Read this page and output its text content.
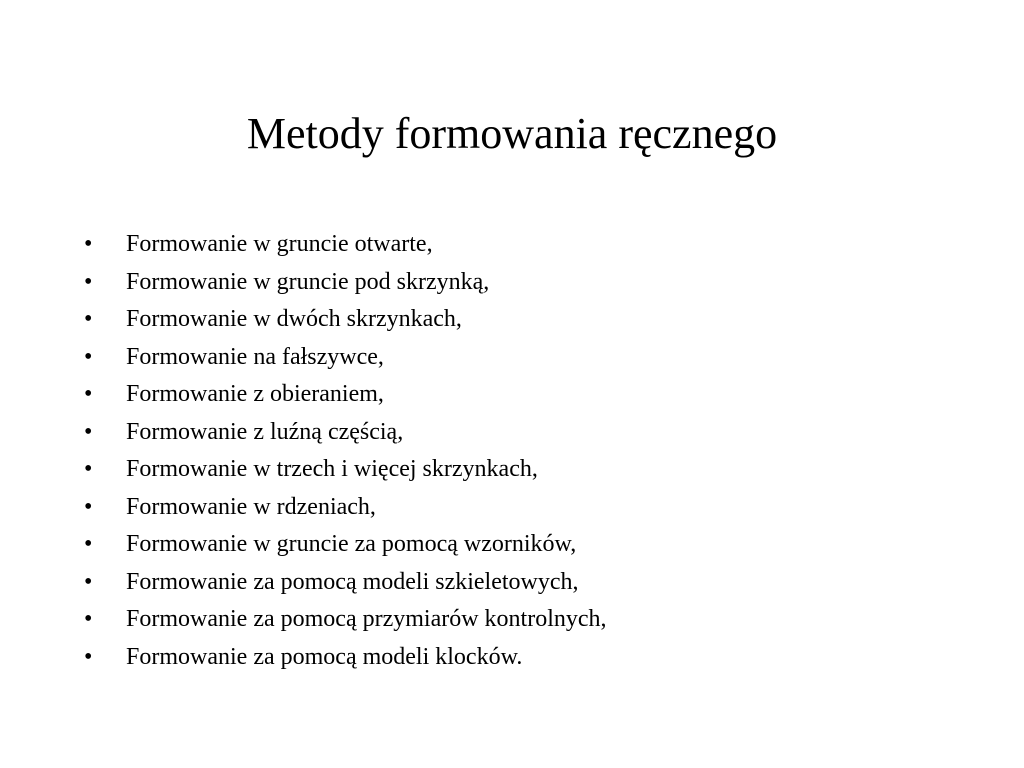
Metody formowania ręcznego
•	Formowanie w gruncie otwarte,
•	Formowanie w gruncie pod skrzynką,
•	Formowanie w dwóch skrzynkach,
•	Formowanie na fałszywce,
•	Formowanie z obieraniem,
•	Formowanie z luźną częścią,
•	Formowanie w trzech i więcej skrzynkach,
•	Formowanie w rdzeniach,
•	Formowanie w gruncie za pomocą wzorników,
•	Formowanie za pomocą modeli szkieletowych,
•	Formowanie za pomocą przymiarów kontrolnych,
•	Formowanie za pomocą modeli klocków.
